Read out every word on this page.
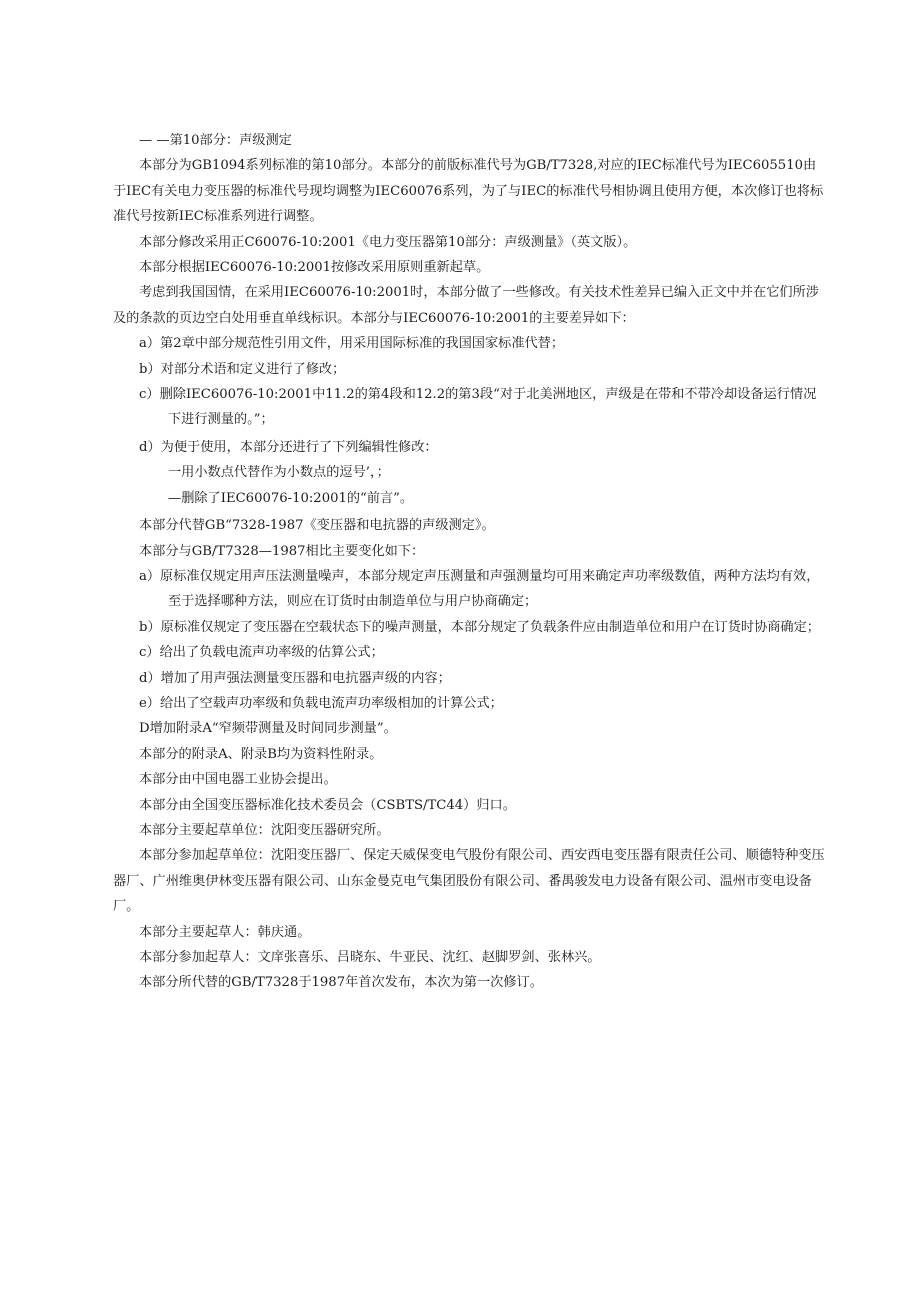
— —第10部分：声级测定

本部分为GB1094系列标准的第10部分。本部分的前版标准代号为GB/T7328,对应的IEC标准代号为IEC605510由于IEC有关电力变压器的标准代号现均调整为IEC60076系列，为了与IEC的标准代号相协调且使用方便，本次修订也将标准代号按新IEC标准系列进行调整。

本部分修改采用正C60076-10:2001《电力变压器第10部分：声级测量》（英文版）。

本部分根据IEC60076-10:2001按修改采用原则重新起草。

考虑到我国国情，在采用IEC60076-10:2001时，本部分做了一些修改。有关技术性差异已编入正文中并在它们所涉及的条款的页边空白处用垂直单线标识。本部分与IEC60076-10:2001的主要差异如下：

a）第2章中部分规范性引用文件，用采用国际标准的我国国家标准代替；

b）对部分术语和定义进行了修改；

c）删除IEC60076-10:2001中11.2的第4段和12.2的第3段“对于北美洲地区，声级是在带和不带冷却设备运行情况下进行测量的。”；

d）为便于使用，本部分还进行了下列编辑性修改：

一用小数点代替作为小数点的逗号’，；

—删除了IEC60076-10:2001的“前言”。

本部分代替GB“7328-1987《变压器和电抗器的声级测定》。

本部分与GB/T7328—1987相比主要变化如下：

a）原标准仅规定用声压法测量噪声，本部分规定声压测量和声强测量均可用来确定声功率级数值，两种方法均有效，至于选择哪种方法，则应在订货时由制造单位与用户协商确定；

b）原标准仅规定了变压器在空载状态下的噪声测量，本部分规定了负载条件应由制造单位和用户在订货时协商确定；

c）给出了负载电流声功率级的估算公式；

d）增加了用声强法测量变压器和电抗器声级的内容；

e）给出了空载声功率级和负载电流声功率级相加的计算公式；

D增加附录A“窄频带测量及时间同步测量”。

本部分的附录A、附录B均为资料性附录。

本部分由中国电器工业协会提出。

本部分由全国变压器标准化技术委员会（CSBTS/TC44）归口。

本部分主要起草单位：沈阳变压器研究所。

本部分参加起草单位：沈阳变压器厂、保定天威保变电气股份有限公司、西安西电变压器有限责任公司、顺德特种变压器厂、广州维奥伊林变压器有限公司、山东金曼克电气集团股份有限公司、番禺骏发电力设备有限公司、温州市变电设备厂。

本部分主要起草人：韩庆通。

本部分参加起草人：文庠张喜乐、吕晓东、牛亚民、沈红、赵脚罗剑、张林兴。

本部分所代替的GB/T7328于1987年首次发布，本次为第一次修订。
